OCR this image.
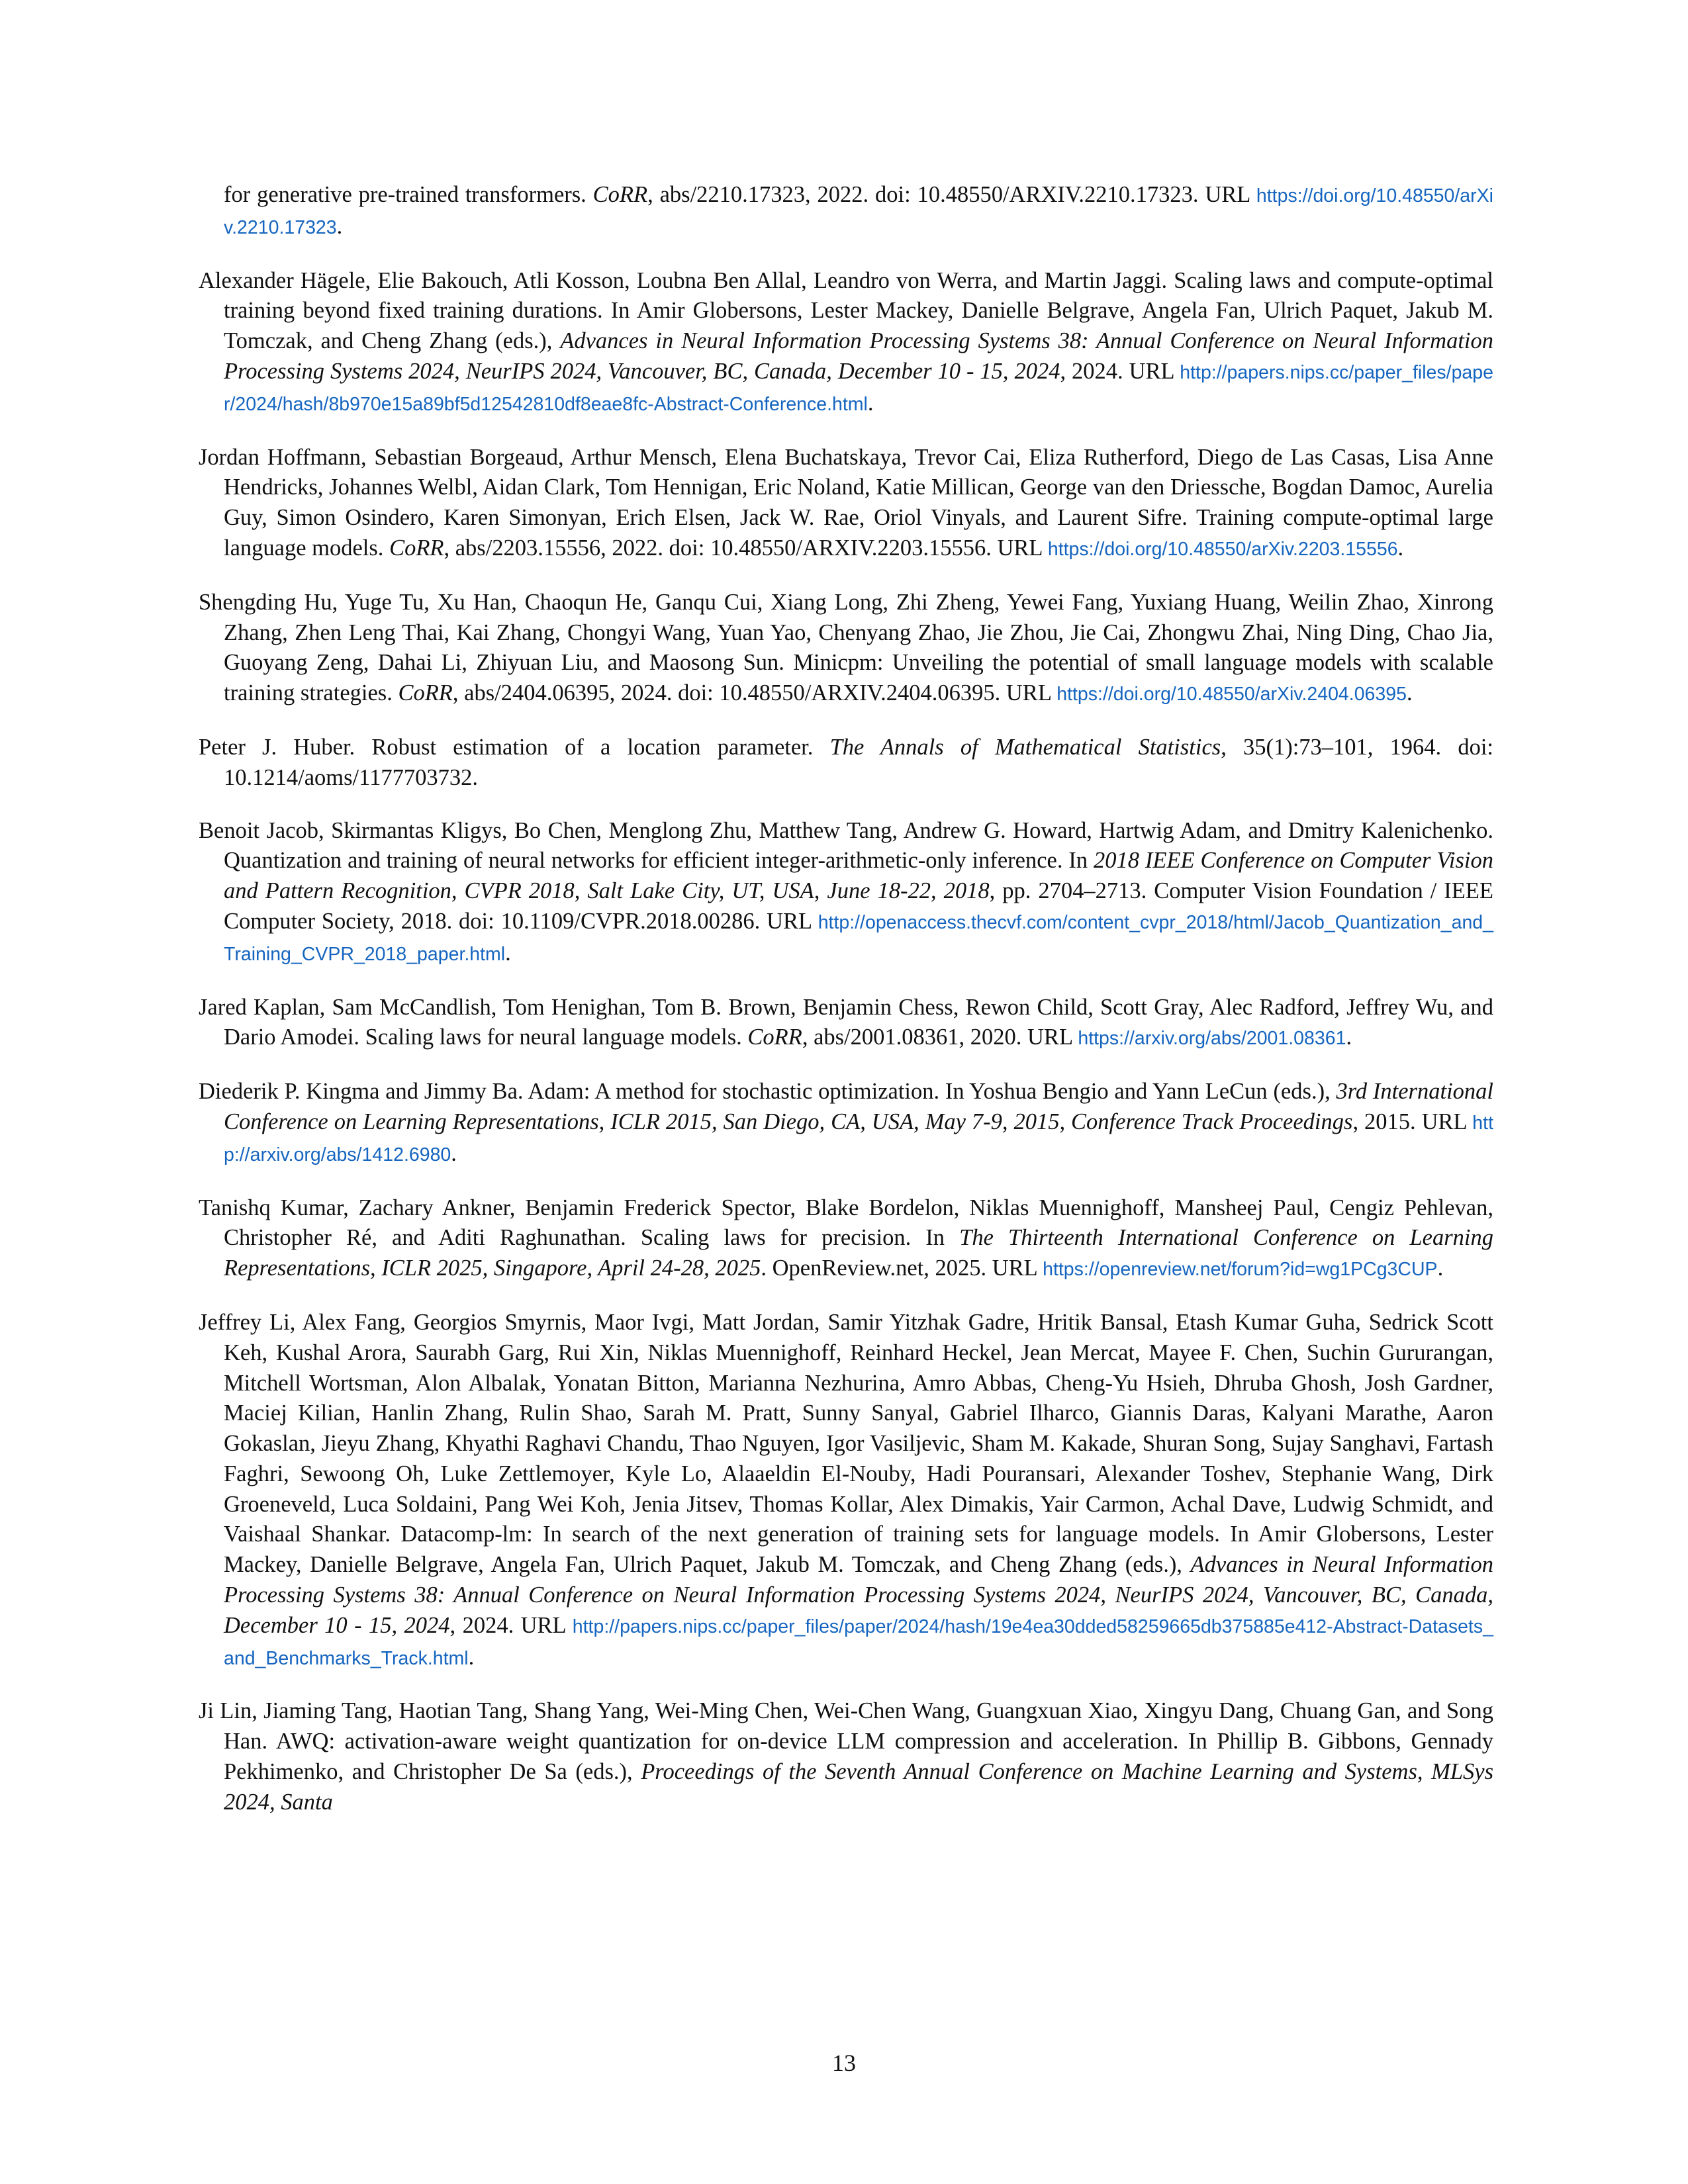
for generative pre-trained transformers. CoRR, abs/2210.17323, 2022. doi: 10.48550/ARXIV.2210.17323. URL https://doi.org/10.48550/arXiv.2210.17323.

Alexander Hägele, Elie Bakouch, Atli Kosson, Loubna Ben Allal, Leandro von Werra, and Martin Jaggi. Scaling laws and compute-optimal training beyond fixed training durations. In Amir Globersons, Lester Mackey, Danielle Belgrave, Angela Fan, Ulrich Paquet, Jakub M. Tomczak, and Cheng Zhang (eds.), Advances in Neural Information Processing Systems 38: Annual Conference on Neural Information Processing Systems 2024, NeurIPS 2024, Vancouver, BC, Canada, December 10 - 15, 2024, 2024. URL http://papers.nips.cc/paper_files/paper/2024/hash/8b970e15a89bf5d12542810df8eae8fc-Abstract-Conference.html.

Jordan Hoffmann, Sebastian Borgeaud, Arthur Mensch, Elena Buchatskaya, Trevor Cai, Eliza Rutherford, Diego de Las Casas, Lisa Anne Hendricks, Johannes Welbl, Aidan Clark, Tom Hennigan, Eric Noland, Katie Millican, George van den Driessche, Bogdan Damoc, Aurelia Guy, Simon Osindero, Karen Simonyan, Erich Elsen, Jack W. Rae, Oriol Vinyals, and Laurent Sifre. Training compute-optimal large language models. CoRR, abs/2203.15556, 2022. doi: 10.48550/ARXIV.2203.15556. URL https://doi.org/10.48550/arXiv.2203.15556.

Shengding Hu, Yuge Tu, Xu Han, Chaoqun He, Ganqu Cui, Xiang Long, Zhi Zheng, Yewei Fang, Yuxiang Huang, Weilin Zhao, Xinrong Zhang, Zhen Leng Thai, Kai Zhang, Chongyi Wang, Yuan Yao, Chenyang Zhao, Jie Zhou, Jie Cai, Zhongwu Zhai, Ning Ding, Chao Jia, Guoyang Zeng, Dahai Li, Zhiyuan Liu, and Maosong Sun. Minicpm: Unveiling the potential of small language models with scalable training strategies. CoRR, abs/2404.06395, 2024. doi: 10.48550/ARXIV.2404.06395. URL https://doi.org/10.48550/arXiv.2404.06395.

Peter J. Huber. Robust estimation of a location parameter. The Annals of Mathematical Statistics, 35(1):73–101, 1964. doi: 10.1214/aoms/1177703732.

Benoit Jacob, Skirmantas Kligys, Bo Chen, Menglong Zhu, Matthew Tang, Andrew G. Howard, Hartwig Adam, and Dmitry Kalenichenko. Quantization and training of neural networks for efficient integer-arithmetic-only inference. In 2018 IEEE Conference on Computer Vision and Pattern Recognition, CVPR 2018, Salt Lake City, UT, USA, June 18-22, 2018, pp. 2704–2713. Computer Vision Foundation / IEEE Computer Society, 2018. doi: 10.1109/CVPR.2018.00286. URL http://openaccess.thecvf.com/content_cvpr_2018/html/Jacob_Quantization_and_Training_CVPR_2018_paper.html.

Jared Kaplan, Sam McCandlish, Tom Henighan, Tom B. Brown, Benjamin Chess, Rewon Child, Scott Gray, Alec Radford, Jeffrey Wu, and Dario Amodei. Scaling laws for neural language models. CoRR, abs/2001.08361, 2020. URL https://arxiv.org/abs/2001.08361.

Diederik P. Kingma and Jimmy Ba. Adam: A method for stochastic optimization. In Yoshua Bengio and Yann LeCun (eds.), 3rd International Conference on Learning Representations, ICLR 2015, San Diego, CA, USA, May 7-9, 2015, Conference Track Proceedings, 2015. URL http://arxiv.org/abs/1412.6980.

Tanishq Kumar, Zachary Ankner, Benjamin Frederick Spector, Blake Bordelon, Niklas Muennighoff, Mansheej Paul, Cengiz Pehlevan, Christopher Ré, and Aditi Raghunathan. Scaling laws for precision. In The Thirteenth International Conference on Learning Representations, ICLR 2025, Singapore, April 24-28, 2025. OpenReview.net, 2025. URL https://openreview.net/forum?id=wg1PCg3CUP.

Jeffrey Li, Alex Fang, Georgios Smyrnis, Maor Ivgi, Matt Jordan, Samir Yitzhak Gadre, Hritik Bansal, Etash Kumar Guha, Sedrick Scott Keh, Kushal Arora, Saurabh Garg, Rui Xin, Niklas Muennighoff, Reinhard Heckel, Jean Mercat, Mayee F. Chen, Suchin Gururangan, Mitchell Wortsman, Alon Albalak, Yonatan Bitton, Marianna Nezhurina, Amro Abbas, Cheng-Yu Hsieh, Dhruba Ghosh, Josh Gardner, Maciej Kilian, Hanlin Zhang, Rulin Shao, Sarah M. Pratt, Sunny Sanyal, Gabriel Ilharco, Giannis Daras, Kalyani Marathe, Aaron Gokaslan, Jieyu Zhang, Khyathi Raghavi Chandu, Thao Nguyen, Igor Vasiljevic, Sham M. Kakade, Shuran Song, Sujay Sanghavi, Fartash Faghri, Sewoong Oh, Luke Zettlemoyer, Kyle Lo, Alaaeldin El-Nouby, Hadi Pouransari, Alexander Toshev, Stephanie Wang, Dirk Groeneveld, Luca Soldaini, Pang Wei Koh, Jenia Jitsev, Thomas Kollar, Alex Dimakis, Yair Carmon, Achal Dave, Ludwig Schmidt, and Vaishaal Shankar. Datacomp-lm: In search of the next generation of training sets for language models. In Amir Globersons, Lester Mackey, Danielle Belgrave, Angela Fan, Ulrich Paquet, Jakub M. Tomczak, and Cheng Zhang (eds.), Advances in Neural Information Processing Systems 38: Annual Conference on Neural Information Processing Systems 2024, NeurIPS 2024, Vancouver, BC, Canada, December 10 - 15, 2024, 2024. URL http://papers.nips.cc/paper_files/paper/2024/hash/19e4ea30dded58259665db375885e412-Abstract-Datasets_and_Benchmarks_Track.html.

Ji Lin, Jiaming Tang, Haotian Tang, Shang Yang, Wei-Ming Chen, Wei-Chen Wang, Guangxuan Xiao, Xingyu Dang, Chuang Gan, and Song Han. AWQ: activation-aware weight quantization for on-device LLM compression and acceleration. In Phillip B. Gibbons, Gennady Pekhimenko, and Christopher De Sa (eds.), Proceedings of the Seventh Annual Conference on Machine Learning and Systems, MLSys 2024, Santa

13
